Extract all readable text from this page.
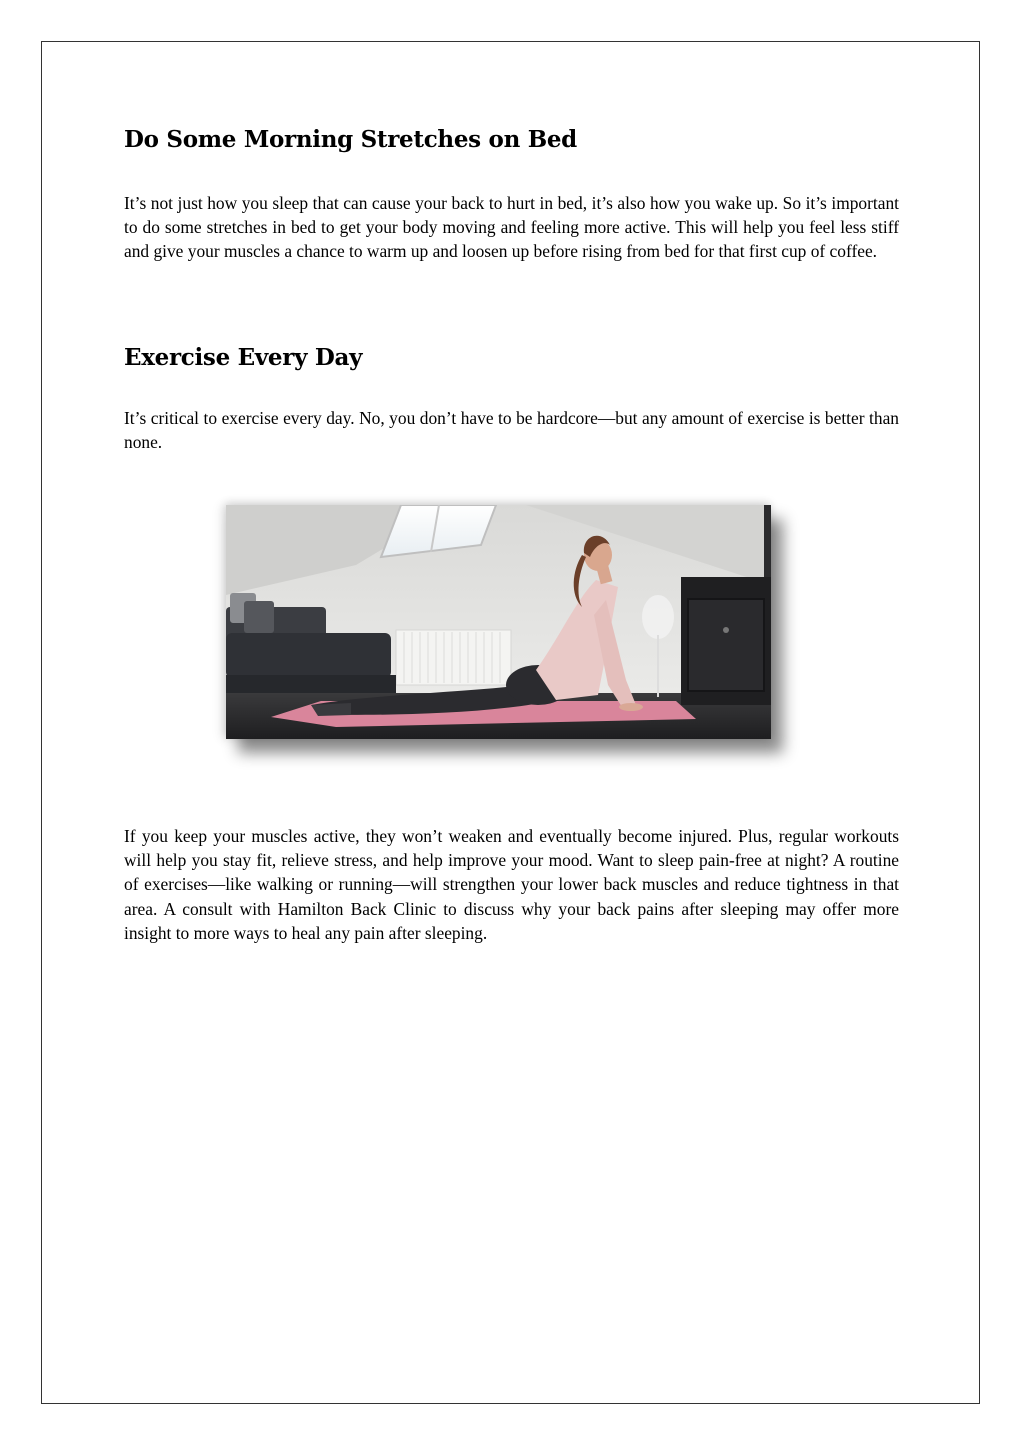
Do Some Morning Stretches on Bed

It’s not just how you sleep that can cause your back to hurt in bed, it’s also how you wake up. So it’s important to do some stretches in bed to get your body moving and feeling more active. This will help you feel less stiff and give your muscles a chance to warm up and loosen up before rising from bed for that first cup of coffee.

Exercise Every Day

It’s critical to exercise every day. No, you don’t have to be hardcore—but any amount of exercise is better than none.

If you keep your muscles active, they won’t weaken and eventually become injured. Plus, regular workouts will help you stay fit, relieve stress, and help improve your mood. Want to sleep pain-free at night? A routine of exercises—like walking or running—will strengthen your lower back muscles and reduce tightness in that area. A consult with Hamilton Back Clinic to discuss why your back pains after sleeping may offer more insight to more ways to heal any pain after sleeping.
